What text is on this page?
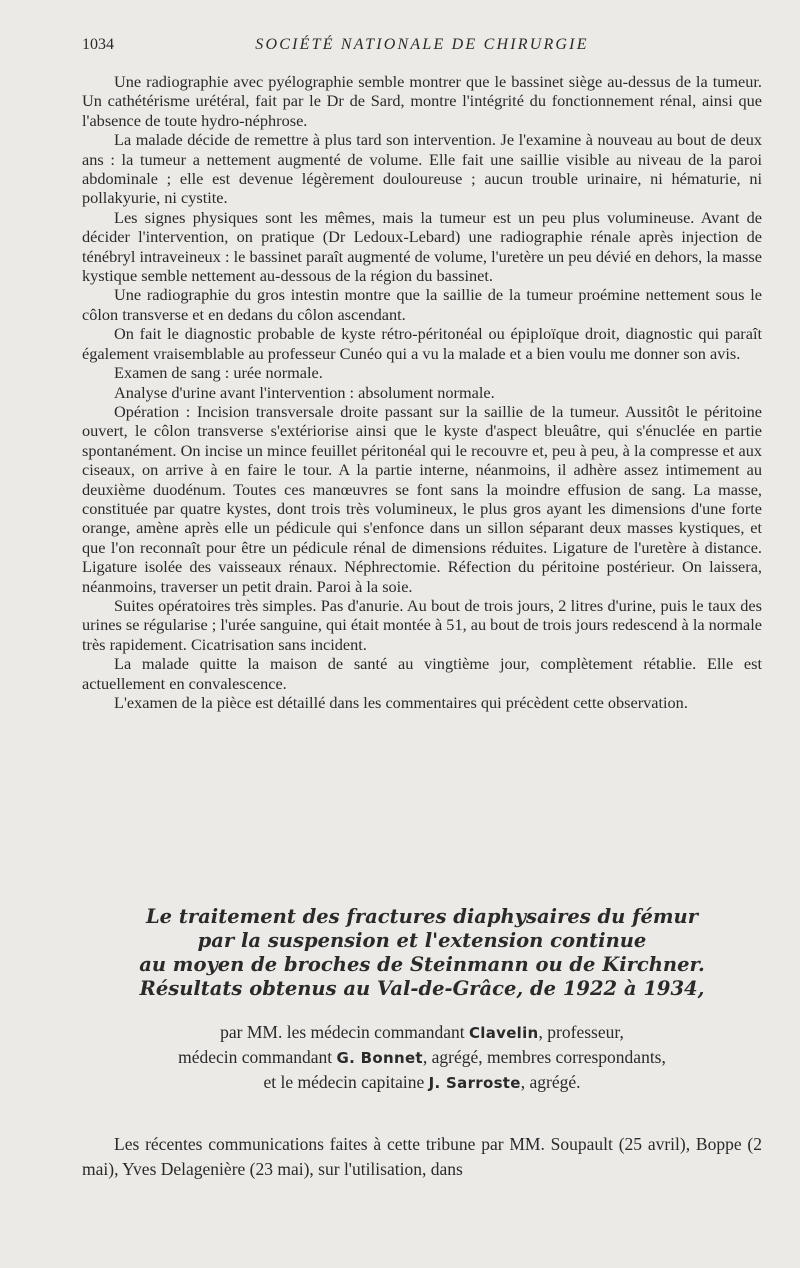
1034	SOCIÉTÉ NATIONALE DE CHIRURGIE

Une radiographie avec pyélographie semble montrer que le bassinet siège au-dessus de la tumeur. Un cathétérisme urétéral, fait par le Dr de Sard, montre l'intégrité du fonctionnement rénal, ainsi que l'absence de toute hydro-néphrose.

La malade décide de remettre à plus tard son intervention. Je l'examine à nouveau au bout de deux ans : la tumeur a nettement augmenté de volume. Elle fait une saillie visible au niveau de la paroi abdominale ; elle est devenue légèrement douloureuse ; aucun trouble urinaire, ni hématurie, ni pollakyurie, ni cystite.

Les signes physiques sont les mêmes, mais la tumeur est un peu plus volumineuse. Avant de décider l'intervention, on pratique (Dr Ledoux-Lebard) une radiographie rénale après injection de ténébryl intraveineux : le bassinet paraît augmenté de volume, l'uretère un peu dévié en dehors, la masse kystique semble nettement au-dessous de la région du bassinet.

Une radiographie du gros intestin montre que la saillie de la tumeur proémine nettement sous le côlon transverse et en dedans du côlon ascendant.

On fait le diagnostic probable de kyste rétro-péritonéal ou épiploïque droit, diagnostic qui paraît également vraisemblable au professeur Cunéo qui a vu la malade et a bien voulu me donner son avis.

Examen de sang : urée normale.

Analyse d'urine avant l'intervention : absolument normale.

Opération : Incision transversale droite passant sur la saillie de la tumeur. Aussitôt le péritoine ouvert, le côlon transverse s'extériorise ainsi que le kyste d'aspect bleuâtre, qui s'énuclée en partie spontanément. On incise un mince feuillet péritonéal qui le recouvre et, peu à peu, à la compresse et aux ciseaux, on arrive à en faire le tour. A la partie interne, néanmoins, il adhère assez intimement au deuxième duodénum. Toutes ces manœuvres se font sans la moindre effusion de sang. La masse, constituée par quatre kystes, dont trois très volumineux, le plus gros ayant les dimensions d'une forte orange, amène après elle un pédicule qui s'enfonce dans un sillon séparant deux masses kystiques, et que l'on reconnaît pour être un pédicule rénal de dimensions réduites. Ligature de l'uretère à distance. Ligature isolée des vaisseaux rénaux. Néphrectomie. Réfection du péritoine postérieur. On laissera, néanmoins, traverser un petit drain. Paroi à la soie.

Suites opératoires très simples. Pas d'anurie. Au bout de trois jours, 2 litres d'urine, puis le taux des urines se régularise ; l'urée sanguine, qui était montée à 51, au bout de trois jours redescend à la normale très rapidement. Cicatrisation sans incident.

La malade quitte la maison de santé au vingtième jour, complètement rétablie. Elle est actuellement en convalescence.

L'examen de la pièce est détaillé dans les commentaires qui précèdent cette observation.

Le traitement des fractures diaphysaires du fémur
par la suspension et l'extension continue
au moyen de broches de Steinmann ou de Kirchner.
Résultats obtenus au Val-de-Grâce, de 1922 à 1934,
par MM. les médecin commandant Clavelin, professeur,
médecin commandant G. Bonnet, agrégé, membres correspondants,
et le médecin capitaine J. Sarroste, agrégé.

Les récentes communications faites à cette tribune par MM. Soupault (25 avril), Boppe (2 mai), Yves Delagenière (23 mai), sur l'utilisation, dans
